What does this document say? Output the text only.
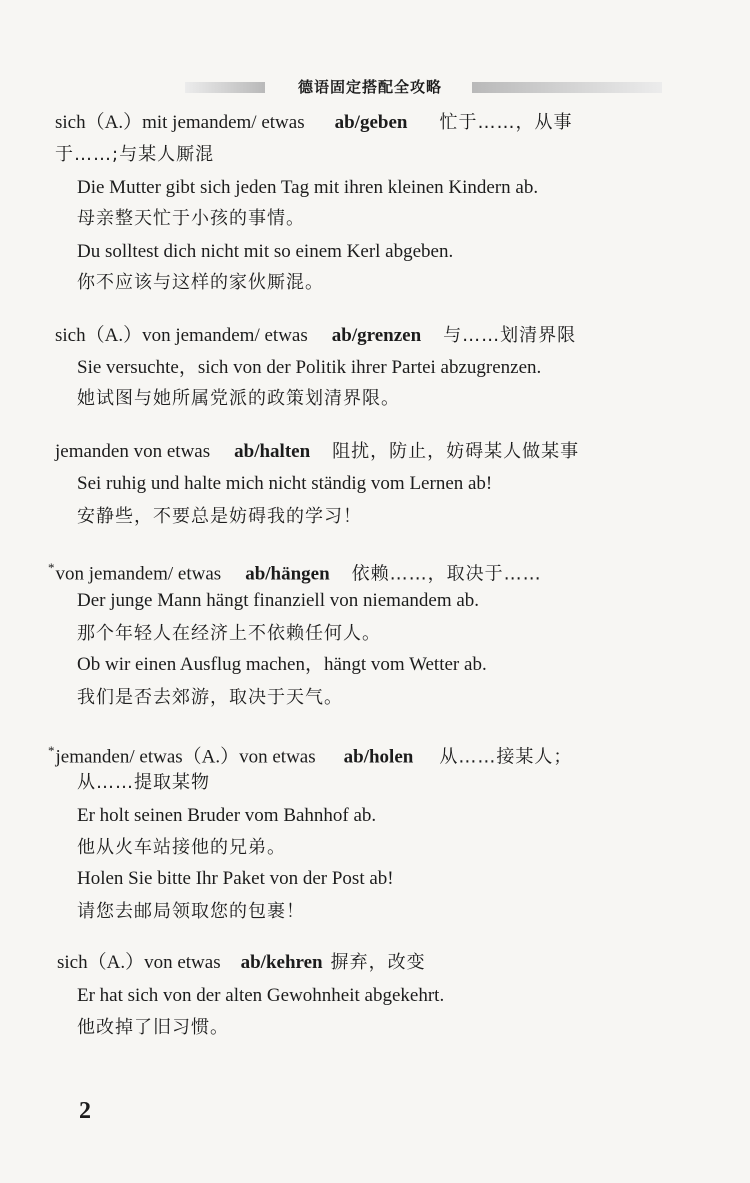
德语固定搭配全攻略
sich（A.）mit jemandem/ etwas ab/geben 忙于……，从事
于……;与某人厮混
Die Mutter gibt sich jeden Tag mit ihren kleinen Kindern ab.
母亲整天忙于小孩的事情。
Du solltest dich nicht mit so einem Kerl abgeben.
你不应该与这样的家伙厮混。
sich（A.）von jemandem/ etwas ab/grenzen 与……划清界限
Sie versuchte，sich von der Politik ihrer Partei abzugrenzen.
她试图与她所属党派的政策划清界限。
jemanden von etwas ab/halten 阻扰，防止，妨碍某人做某事
Sei ruhig und halte mich nicht ständig vom Lernen ab!
安静些，不要总是妨碍我的学习！
*von jemandem/ etwas ab/hängen 依赖……，取决于……
Der junge Mann hängt finanziell von niemandem ab.
那个年轻人在经济上不依赖任何人。
Ob wir einen Ausflug machen，hängt vom Wetter ab.
我们是否去郊游，取决于天气。
*jemanden/ etwas（A.）von etwas ab/holen 从……接某人；
从……提取某物
Er holt seinen Bruder vom Bahnhof ab.
他从火车站接他的兄弟。
Holen Sie bitte Ihr Paket von der Post ab!
请您去邮局领取您的包裹！
sich（A.）von etwas ab/kehren 摒弃，改变
Er hat sich von der alten Gewohnheit abgekehrt.
他改掉了旧习惯。
2
